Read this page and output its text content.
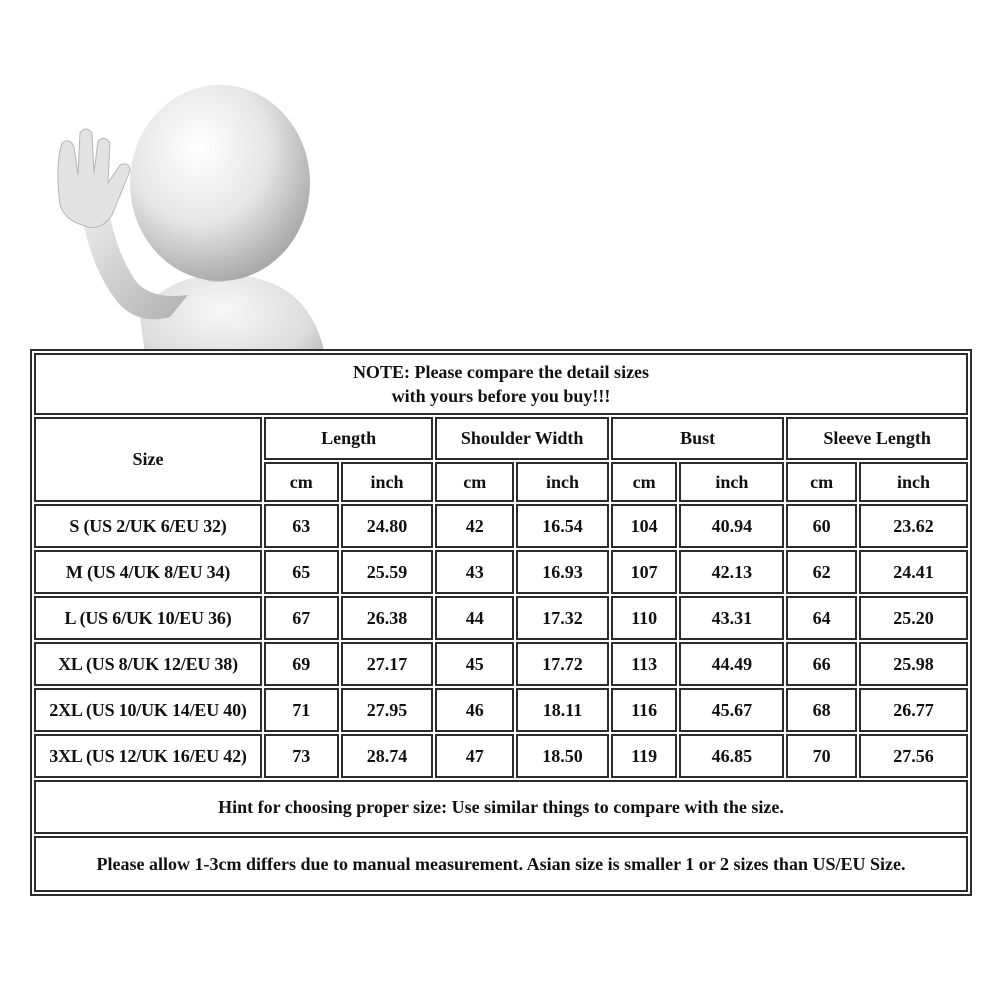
NOTE: Please compare the detail sizes
with yours before you buy!!!								

Size	Length		Shoulder Width		Bust		Sleeve Length	
	cm	inch	cm	inch	cm	inch	cm	inch
S (US 2/UK 6/EU 32)	63	24.80	42	16.54	104	40.94	60	23.62
M (US 4/UK 8/EU 34)	65	25.59	43	16.93	107	42.13	62	24.41
L (US 6/UK 10/EU 36)	67	26.38	44	17.32	110	43.31	64	25.20
XL (US 8/UK 12/EU 38)	69	27.17	45	17.72	113	44.49	66	25.98
2XL (US 10/UK 14/EU 40)	71	27.95	46	18.11	116	45.67	68	26.77
3XL (US 12/UK 16/EU 42)	73	28.74	47	18.50	119	46.85	70	27.56
Hint for choosing proper size: Use similar things to compare with the size.								
Please allow 1-3cm differs due to manual measurement. Asian size is smaller 1 or 2 sizes than US/EU Size.								
